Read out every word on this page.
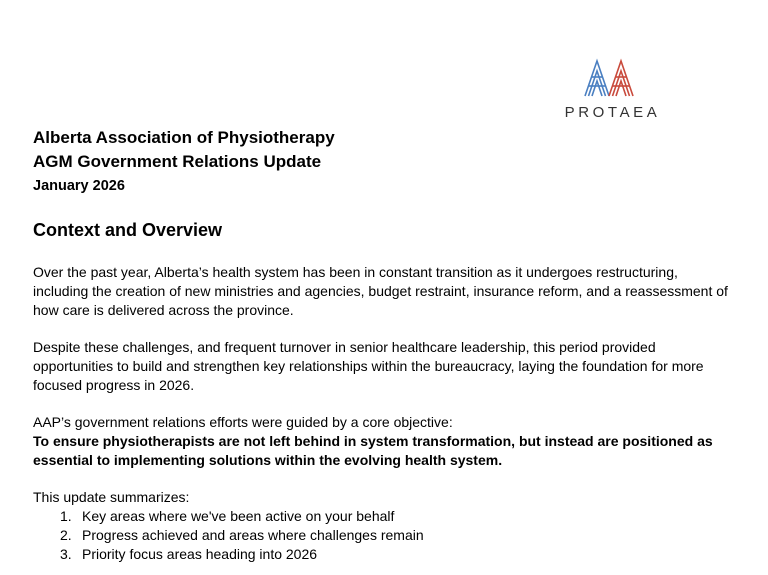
PROTAEA
Alberta Association of Physiotherapy
AGM Government Relations Update
January 2026
Context and Overview

Over the past year, Alberta’s health system has been in constant transition as it undergoes restructuring, including the creation of new ministries and agencies, budget restraint, insurance reform, and a reassessment of how care is delivered across the province.

Despite these challenges, and frequent turnover in senior healthcare leadership, this period provided opportunities to build and strengthen key relationships within the bureaucracy, laying the foundation for more focused progress in 2026.

AAP’s government relations efforts were guided by a core objective:

To ensure physiotherapists are not left behind in system transformation, but instead are positioned as essential to implementing solutions within the evolving health system.

This update summarizes:

1. Key areas where we've been active on your behalf
2. Progress achieved and areas where challenges remain
3. Priority focus areas heading into 2026
